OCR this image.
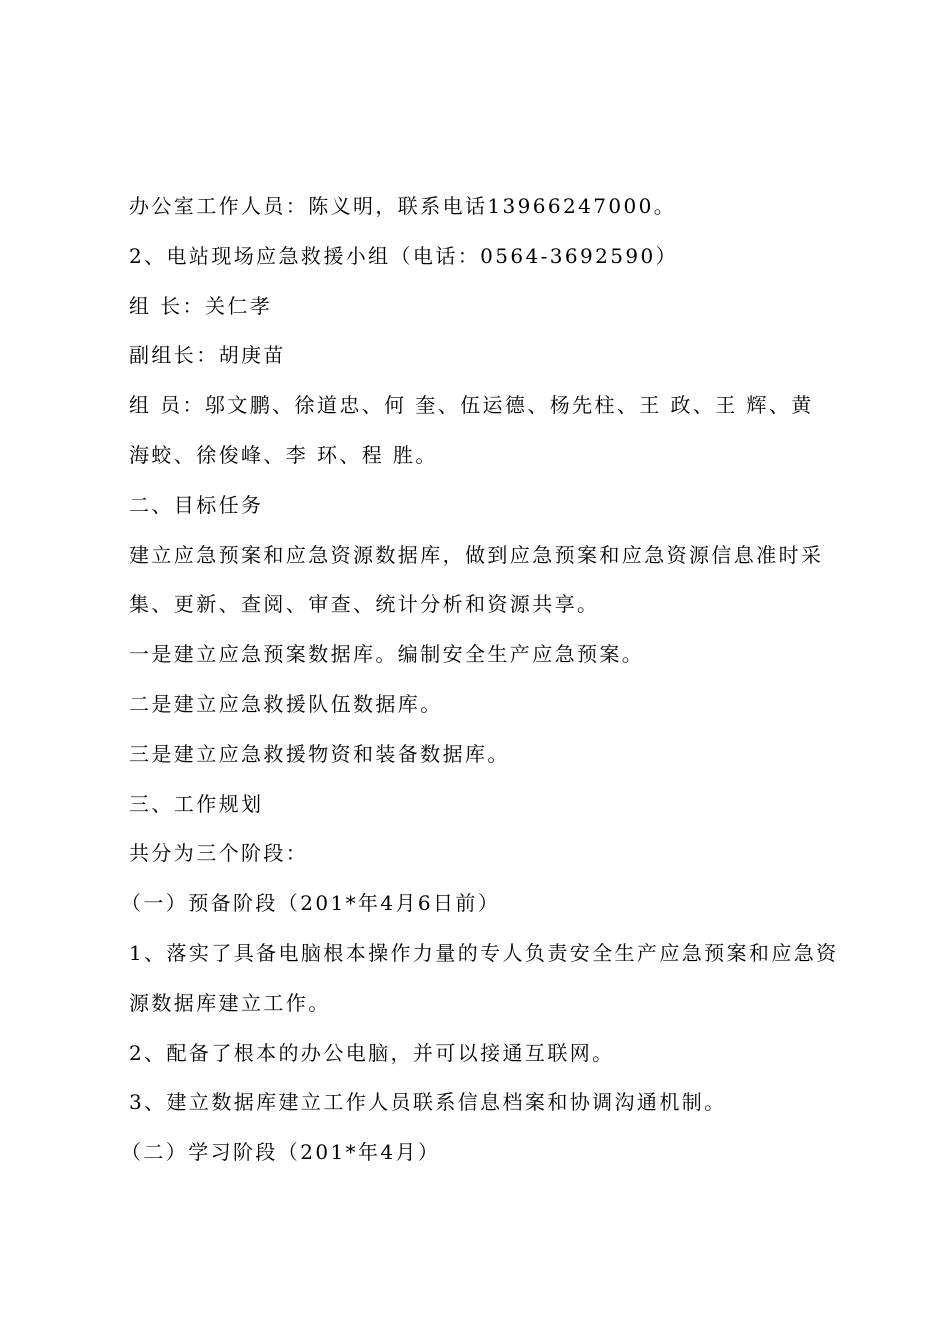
办公室工作人员：陈义明，联系电话13966247000。
2、电站现场应急救援小组（电话：0564-3692590）
组 长：关仁孝
副组长：胡庚苗
组 员：邬文鹏、徐道忠、何 奎、伍运德、杨先柱、王 政、王 辉、黄
海蛟、徐俊峰、李 环、程 胜。
二、目标任务
建立应急预案和应急资源数据库，做到应急预案和应急资源信息准时采
集、更新、查阅、审查、统计分析和资源共享。
一是建立应急预案数据库。编制安全生产应急预案。
二是建立应急救援队伍数据库。
三是建立应急救援物资和装备数据库。
三、工作规划
共分为三个阶段：
（一）预备阶段（201*年4月6日前）
1、落实了具备电脑根本操作力量的专人负责安全生产应急预案和应急资
源数据库建立工作。
2、配备了根本的办公电脑，并可以接通互联网。
3、建立数据库建立工作人员联系信息档案和协调沟通机制。
（二）学习阶段（201*年4月）
